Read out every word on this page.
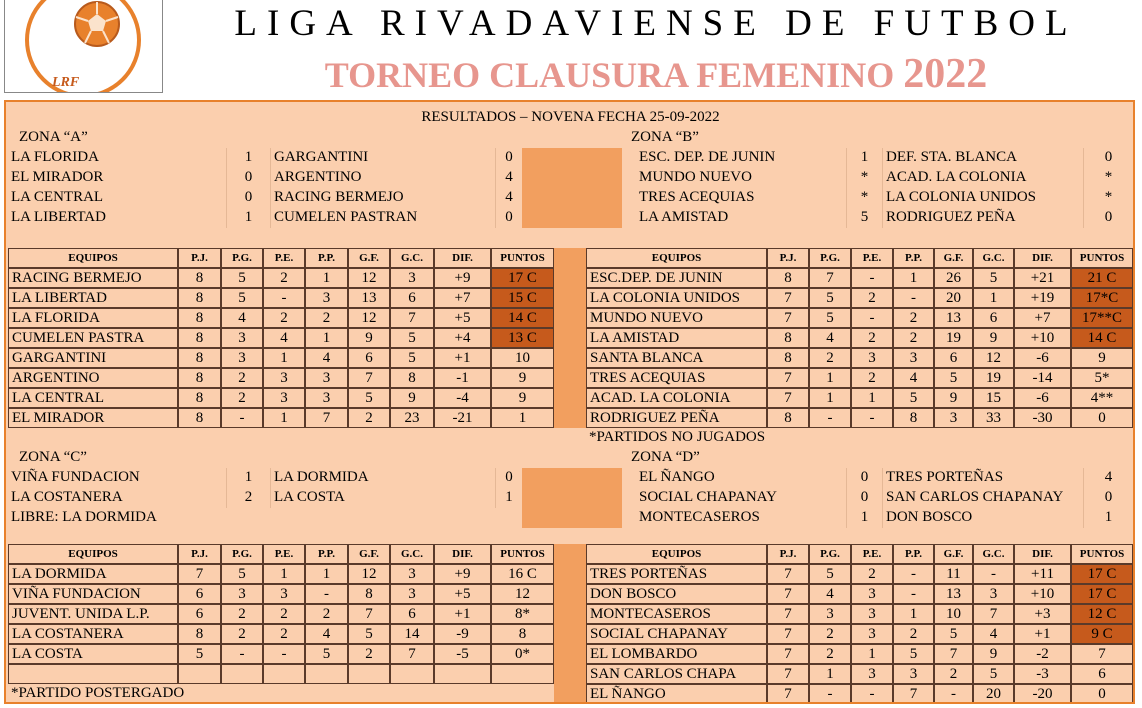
LRF
LIGA RIVADAVIENSE DE FUTBOL
TORNEO CLAUSURA FEMENINO 2022
RESULTADOS – NOVENA FECHA 25-09-2022
ZONA “A”	ZONA “B”
LA FLORIDA	1	GARGANTINI	0
EL MIRADOR	0	ARGENTINO	4
LA CENTRAL	0	RACING BERMEJO	4
LA LIBERTAD	1	CUMELEN PASTRAN	0
ESC. DEP. DE JUNIN	1	DEF. STA. BLANCA	0
MUNDO NUEVO	*	ACAD. LA COLONIA	*
TRES ACEQUIAS	*	LA COLONIA UNIDOS	*
LA AMISTAD	5	RODRIGUEZ PEÑA	0
EQUIPOS	P.J.	P.G.	P.E.	P.P.	G.F.	G.C.	DIF.	PUNTOS	EQUIPOS	P.J.	P.G.	P.E.	P.P.	G.F.	G.C.	DIF.	PUNTOS
RACING BERMEJO	8	5	2	1	12	3	+9	17 C
LA LIBERTAD	8	5	-	3	13	6	+7	15 C
LA FLORIDA	8	4	2	2	12	7	+5	14 C
CUMELEN PASTRA	8	3	4	1	9	5	+4	13 C
GARGANTINI	8	3	1	4	6	5	+1	10
ARGENTINO	8	2	3	3	7	8	-1	9
LA CENTRAL	8	2	3	3	5	9	-4	9
EL MIRADOR	8	-	1	7	2	23	-21	1
ESC.DEP. DE JUNIN	8	7	-	1	26	5	+21	21 C
LA COLONIA UNIDOS	7	5	2	-	20	1	+19	17*C
MUNDO NUEVO	7	5	-	2	13	6	+7	17**C
LA AMISTAD	8	4	2	2	19	9	+10	14 C
SANTA BLANCA	8	2	3	3	6	12	-6	9
TRES ACEQUIAS	7	1	2	4	5	19	-14	5*
ACAD. LA COLONIA	7	1	1	5	9	15	-6	4**
RODRIGUEZ PEÑA	8	-	-	8	3	33	-30	0
*PARTIDOS NO JUGADOS
ZONA “C”	ZONA “D”
VIÑA FUNDACION	1	LA DORMIDA	0
LA COSTANERA	2	LA COSTA	1
LIBRE: LA DORMIDA
EL ÑANGO	0	TRES PORTEÑAS	4
SOCIAL CHAPANAY	0	SAN CARLOS CHAPANAY	0
MONTECASEROS	1	DON BOSCO	1
EQUIPOS	P.J.	P.G.	P.E.	P.P.	G.F.	G.C.	DIF.	PUNTOS	EQUIPOS	P.J.	P.G.	P.E.	P.P.	G.F.	G.C.	DIF.	PUNTOS
LA DORMIDA	7	5	1	1	12	3	+9	16 C
VIÑA FUNDACION	6	3	3	-	8	3	+5	12
JUVENT. UNIDA L.P.	6	2	2	2	7	6	+1	8*
LA COSTANERA	8	2	2	4	5	14	-9	8
LA COSTA	5	-	-	5	2	7	-5	0*
TRES PORTEÑAS	7	5	2	-	11	-	+11	17 C
DON BOSCO	7	4	3	-	13	3	+10	17 C
MONTECASEROS	7	3	3	1	10	7	+3	12 C
SOCIAL CHAPANAY	7	2	3	2	5	4	+1	9 C
EL LOMBARDO	7	2	1	5	7	9	-2	7
SAN CARLOS CHAPA	7	1	3	3	2	5	-3	6
EL ÑANGO	7	-	-	7	-	20	-20	0
*PARTIDO POSTERGADO
